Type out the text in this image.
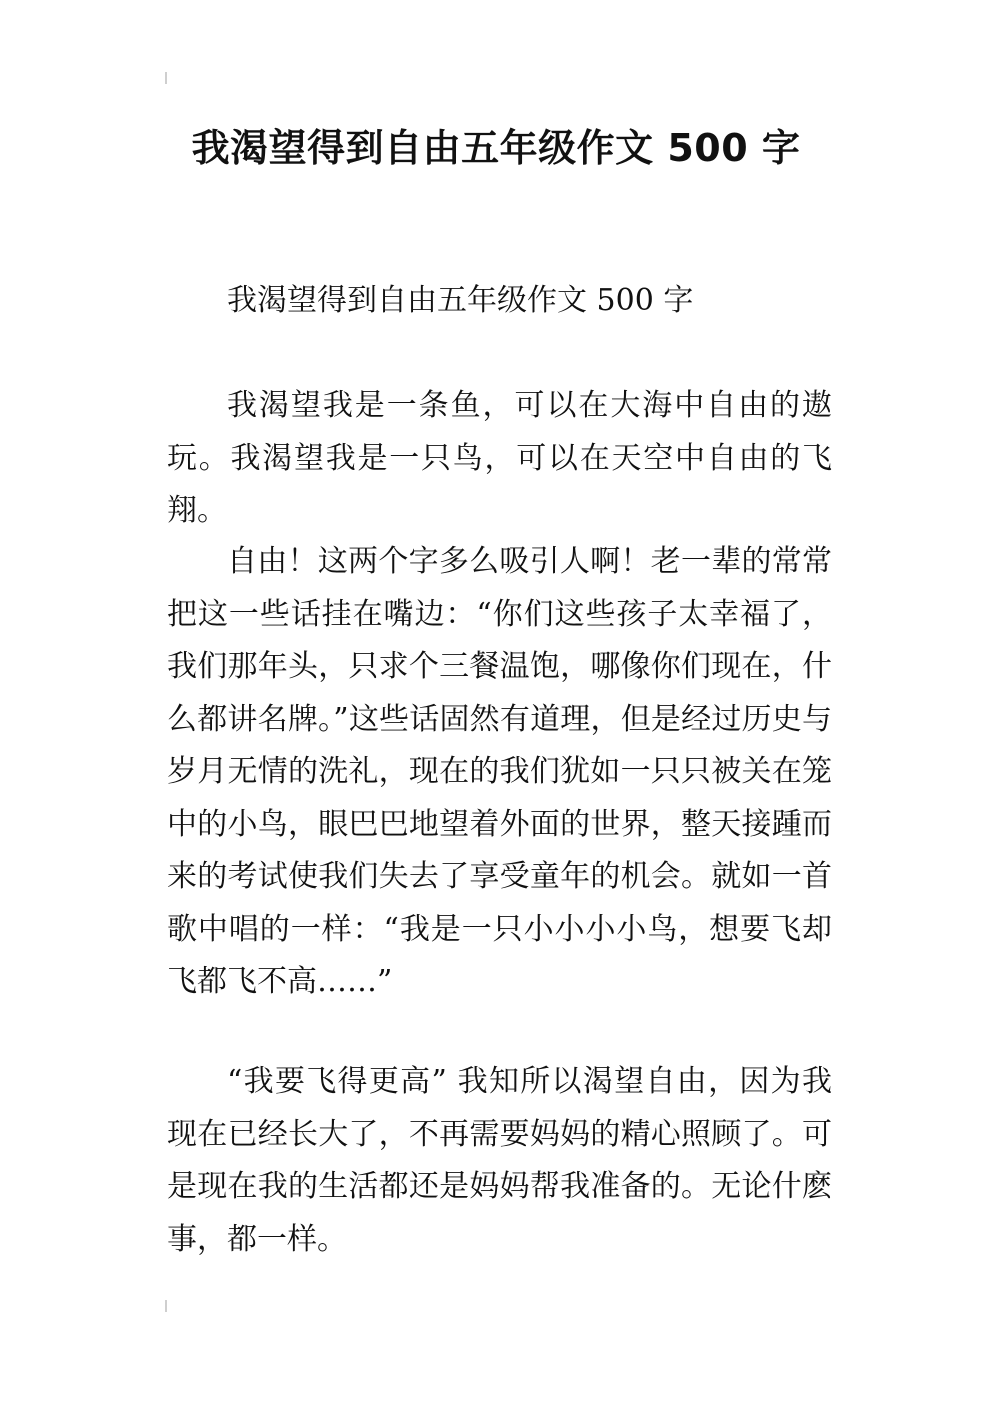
我渴望得到自由五年级作文 500 字

我渴望得到自由五年级作文 500 字

我渴望我是一条鱼，可以在大海中自由的遨玩。我渴望我是一只鸟，可以在天空中自由的飞翔。

自由！这两个字多么吸引人啊！老一辈的常常把这一些话挂在嘴边：“你们这些孩子太幸福了，我们那年头，只求个三餐温饱，哪像你们现在，什么都讲名牌。”这些话固然有道理，但是经过历史与岁月无情的洗礼，现在的我们犹如一只只被关在笼中的小鸟，眼巴巴地望着外面的世界，整天接踵而来的考试使我们失去了享受童年的机会。就如一首歌中唱的一样：“我是一只小小小小鸟，想要飞却飞都飞不高……”

“我要飞得更高” 我知所以渴望自由，因为我现在已经长大了，不再需要妈妈的精心照顾了。可是现在我的生活都还是妈妈帮我准备的。无论什麽事，都一样。
